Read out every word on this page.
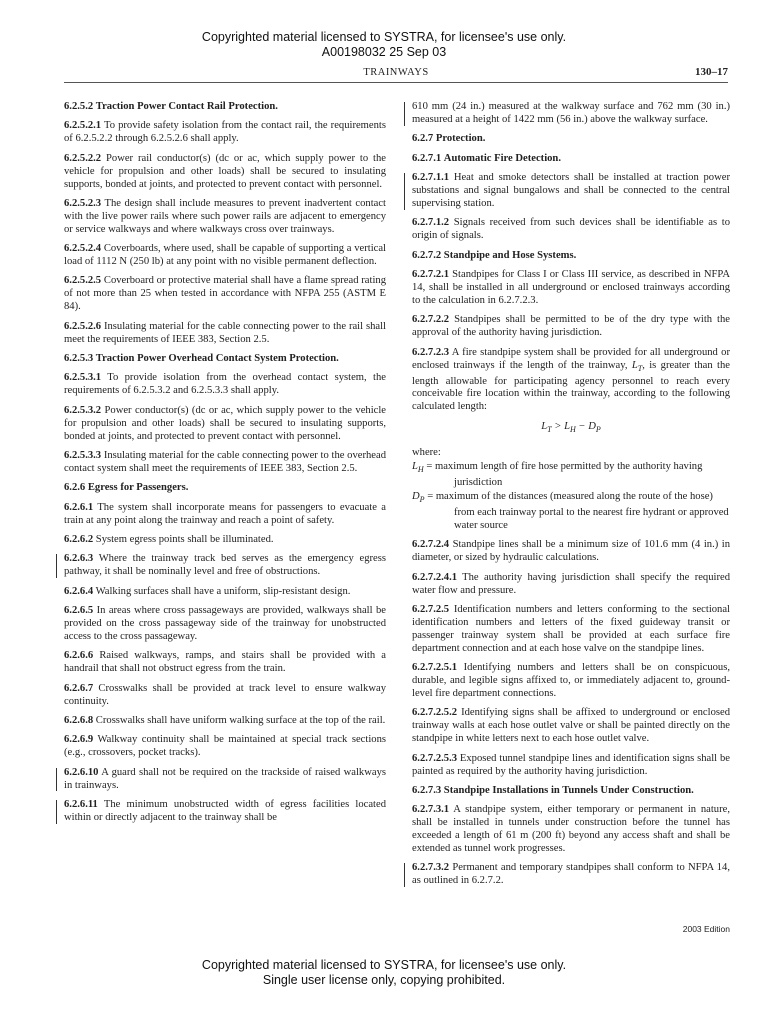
Copyrighted material licensed to SYSTRA, for licensee's use only.
A00198032 25 Sep 03
TRAINWAYS	130–17
6.2.5.2 Traction Power Contact Rail Protection.
6.2.5.2.1 To provide safety isolation from the contact rail, the requirements of 6.2.5.2.2 through 6.2.5.2.6 shall apply.
6.2.5.2.2 Power rail conductor(s) (dc or ac, which supply power to the vehicle for propulsion and other loads) shall be secured to insulating supports, bonded at joints, and protected to prevent contact with personnel.
6.2.5.2.3 The design shall include measures to prevent inadvertent contact with the live power rails where such power rails are adjacent to emergency or service walkways and where walkways cross over trainways.
6.2.5.2.4 Coverboards, where used, shall be capable of supporting a vertical load of 1112 N (250 lb) at any point with no visible permanent deflection.
6.2.5.2.5 Coverboard or protective material shall have a flame spread rating of not more than 25 when tested in accordance with NFPA 255 (ASTM E 84).
6.2.5.2.6 Insulating material for the cable connecting power to the rail shall meet the requirements of IEEE 383, Section 2.5.
6.2.5.3 Traction Power Overhead Contact System Protection.
6.2.5.3.1 To provide isolation from the overhead contact system, the requirements of 6.2.5.3.2 and 6.2.5.3.3 shall apply.
6.2.5.3.2 Power conductor(s) (dc or ac, which supply power to the vehicle for propulsion and other loads) shall be secured to insulating supports, bonded at joints, and protected to prevent contact with personnel.
6.2.5.3.3 Insulating material for the cable connecting power to the overhead contact system shall meet the requirements of IEEE 383, Section 2.5.
6.2.6 Egress for Passengers.
6.2.6.1 The system shall incorporate means for passengers to evacuate a train at any point along the trainway and reach a point of safety.
6.2.6.2 System egress points shall be illuminated.
6.2.6.3 Where the trainway track bed serves as the emergency egress pathway, it shall be nominally level and free of obstructions.
6.2.6.4 Walking surfaces shall have a uniform, slip-resistant design.
6.2.6.5 In areas where cross passageways are provided, walkways shall be provided on the cross passageway side of the trainway for unobstructed access to the cross passageway.
6.2.6.6 Raised walkways, ramps, and stairs shall be provided with a handrail that shall not obstruct egress from the train.
6.2.6.7 Crosswalks shall be provided at track level to ensure walkway continuity.
6.2.6.8 Crosswalks shall have uniform walking surface at the top of the rail.
6.2.6.9 Walkway continuity shall be maintained at special track sections (e.g., crossovers, pocket tracks).
6.2.6.10 A guard shall not be required on the trackside of raised walkways in trainways.
6.2.6.11 The minimum unobstructed width of egress facilities located within or directly adjacent to the trainway shall be
610 mm (24 in.) measured at the walkway surface and 762 mm (30 in.) measured at a height of 1422 mm (56 in.) above the walkway surface.
6.2.7 Protection.
6.2.7.1 Automatic Fire Detection.
6.2.7.1.1 Heat and smoke detectors shall be installed at traction power substations and signal bungalows and shall be connected to the central supervising station.
6.2.7.1.2 Signals received from such devices shall be identifiable as to origin of signals.
6.2.7.2 Standpipe and Hose Systems.
6.2.7.2.1 Standpipes for Class I or Class III service, as described in NFPA 14, shall be installed in all underground or enclosed trainways according to the calculation in 6.2.7.2.3.
6.2.7.2.2 Standpipes shall be permitted to be of the dry type with the approval of the authority having jurisdiction.
6.2.7.2.3 A fire standpipe system shall be provided for all underground or enclosed trainways if the length of the trainway, $L_T$, is greater than the length allowable for participating agency personnel to reach every conceivable fire location within the trainway, according to the following calculated length:
$L_T > L_H - D_P$
where:
$L_H$ = maximum length of fire hose permitted by the authority having jurisdiction
$D_P$ = maximum of the distances (measured along the route of the hose) from each trainway portal to the nearest fire hydrant or approved water source
6.2.7.2.4 Standpipe lines shall be a minimum size of 101.6 mm (4 in.) in diameter, or sized by hydraulic calculations.
6.2.7.2.4.1 The authority having jurisdiction shall specify the required water flow and pressure.
6.2.7.2.5 Identification numbers and letters conforming to the sectional identification numbers and letters of the fixed guideway transit or passenger trainway system shall be provided at each surface fire department connection and at each hose valve on the standpipe lines.
6.2.7.2.5.1 Identifying numbers and letters shall be on conspicuous, durable, and legible signs affixed to, or immediately adjacent to, ground-level fire department connections.
6.2.7.2.5.2 Identifying signs shall be affixed to underground or enclosed trainway walls at each hose outlet valve or shall be painted directly on the standpipe in white letters next to each hose outlet valve.
6.2.7.2.5.3 Exposed tunnel standpipe lines and identification signs shall be painted as required by the authority having jurisdiction.
6.2.7.3 Standpipe Installations in Tunnels Under Construction.
6.2.7.3.1 A standpipe system, either temporary or permanent in nature, shall be installed in tunnels under construction before the tunnel has exceeded a length of 61 m (200 ft) beyond any access shaft and shall be extended as tunnel work progresses.
6.2.7.3.2 Permanent and temporary standpipes shall conform to NFPA 14, as outlined in 6.2.7.2.
2003 Edition
Copyrighted material licensed to SYSTRA, for licensee's use only.
Single user license only, copying prohibited.
